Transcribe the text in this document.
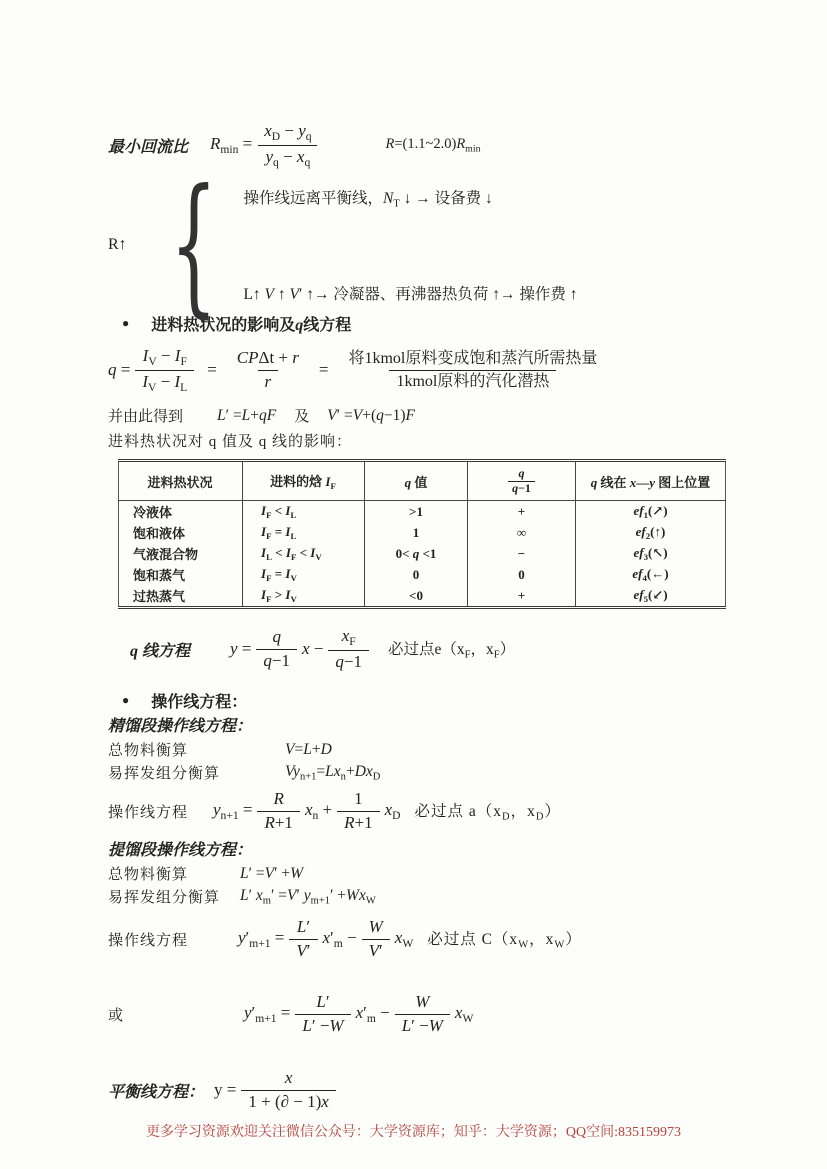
最小回流比	$R_{min} = \frac{x_D - y_q}{y_q - x_q}$	$R=(1.1\sim 2.0)R_{min}$
R↑ { 操作线远离平衡线，$N_T$ ↓ → 设备费 ↓
L↑ V ↑ V′ ↑→ 冷凝器、再沸器热负荷 ↑→ 操作费 ↑
● 进料热状况的影响及q线方程
$q = \frac{I_V - I_F}{I_V - I_L} = \frac{\text{CPΔt + r}}{r} = \frac{\text{将1kmol原料变成饱和蒸汽所需热量}}{\text{1kmol原料的汽化潜热}}$
并由此得到 L′ =L+qF 及 V′ =V+(q−1)F
进料热状况对 q 值及 q 线的影响：
进料热状况	进料的焓 $I_F$	q 值	$\frac{q}{q-1}$	q 线在 x—y 图上位置
冷液体	$I_F < I_L$	>1	+	$ef_1(↗)$
饱和液体	$I_F = I_L$	1	∞	$ef_2(↑)$
气液混合物	$I_L < I_F < I_V$	0< q <1	−	$ef_3(↖)$
饱和蒸气	$I_F = I_V$	0	0	$ef_4(\leftarrow)$
过热蒸气	$I_F > I_V$	<0	+	$ef_5(↙)$
q 线方程	$y = \frac{q}{q-1}$ $x - \frac{x_F}{q-1}$ 必过点$e(x_F$，$x_F$）
● 操作线方程：
精馏段操作线方程：
总物料衡算	V=L+D
易挥发组分衡算	$Vy_{n+1}=Lx_n+Dx_D$
操作线方程	$y_{n+1} = \frac{R}{R+1} x_n + \frac{1}{R+1} x_D$ 必过点 $a(x_D$，$x_D$）
提馏段操作线方程：
总物料衡算	L′ =V′ +W
易挥发组分衡算	L′ $x_m' =V'$ $y_{m+1}' +Wx_W$
操作线方程	$y'_{m+1} = \frac{L'}{V'} x'_m - \frac{W}{V'} x_W$ 必过点 $C(x_W$，$x_W$）
或	$y'_{m+1} = \frac{L'}{L' -W} x'_m - \frac{W}{L' -W} x_W$
平衡线方程： $y = \frac{x}{1 + (\partial - 1)x}$
更多学习资源欢迎关注微信公众号：大学资源库；知乎：大学资源；QQ空间:835159973
